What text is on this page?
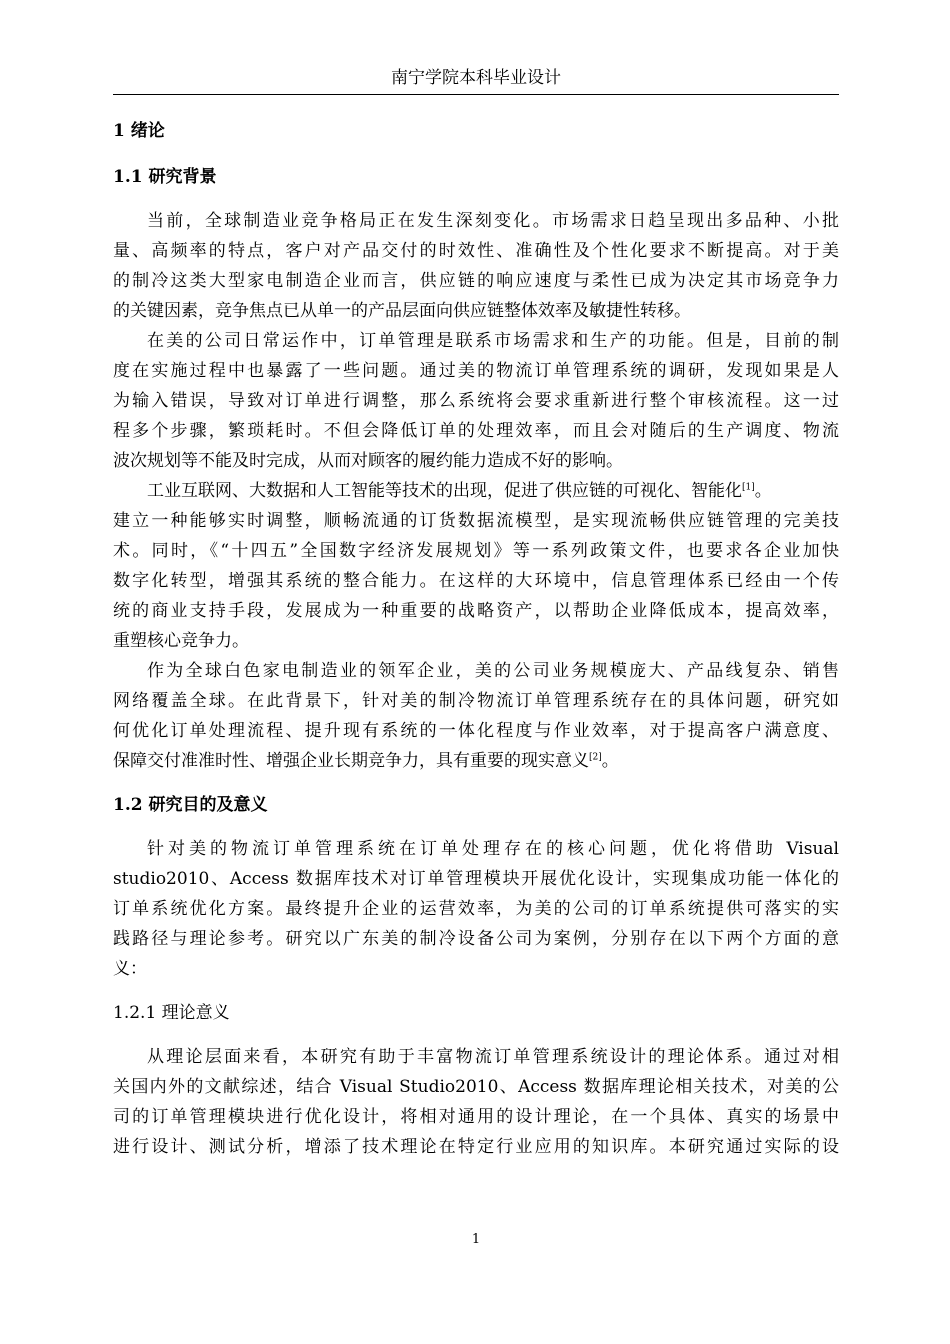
南宁学院本科毕业设计
1 绪论
1.1 研究背景
当前，全球制造业竞争格局正在发生深刻变化。市场需求日趋呈现出多品种、小批
量、高频率的特点，客户对产品交付的时效性、准确性及个性化要求不断提高。对于美
的制冷这类大型家电制造企业而言，供应链的响应速度与柔性已成为决定其市场竞争力
的关键因素，竞争焦点已从单一的产品层面向供应链整体效率及敏捷性转移。
在美的公司日常运作中，订单管理是联系市场需求和生产的功能。但是，目前的制
度在实施过程中也暴露了一些问题。通过美的物流订单管理系统的调研，发现如果是人
为输入错误，导致对订单进行调整，那么系统将会要求重新进行整个审核流程。这一过
程多个步骤，繁琐耗时。不但会降低订单的处理效率，而且会对随后的生产调度、物流
波次规划等不能及时完成，从而对顾客的履约能力造成不好的影响。
工业互联网、大数据和人工智能等技术的出现，促进了供应链的可视化、智能化[1]。
建立一种能够实时调整，顺畅流通的订货数据流模型，是实现流畅供应链管理的完美技
术。同时，《“十四五”全国数字经济发展规划》等一系列政策文件，也要求各企业加快
数字化转型，增强其系统的整合能力。在这样的大环境中，信息管理体系已经由一个传
统的商业支持手段，发展成为一种重要的战略资产，以帮助企业降低成本，提高效率，
重塑核心竞争力。
作为全球白色家电制造业的领军企业，美的公司业务规模庞大、产品线复杂、销售
网络覆盖全球。在此背景下，针对美的制冷物流订单管理系统存在的具体问题，研究如
何优化订单处理流程、提升现有系统的一体化程度与作业效率，对于提高客户满意度、
保障交付准准时性、增强企业长期竞争力，具有重要的现实意义[2]。
1.2 研究目的及意义
针对美的物流订单管理系统在订单处理存在的核心问题，优化将借助 Visual
studio2010、Access 数据库技术对订单管理模块开展优化设计，实现集成功能一体化的
订单系统优化方案。最终提升企业的运营效率，为美的公司的订单系统提供可落实的实
践路径与理论参考。研究以广东美的制冷设备公司为案例，分别存在以下两个方面的意
义：
1.2.1 理论意义
从理论层面来看，本研究有助于丰富物流订单管理系统设计的理论体系。通过对相
关国内外的文献综述，结合 Visual Studio2010、Access 数据库理论相关技术，对美的公
司的订单管理模块进行优化设计，将相对通用的设计理论，在一个具体、真实的场景中
进行设计、测试分析，增添了技术理论在特定行业应用的知识库。本研究通过实际的设
1
